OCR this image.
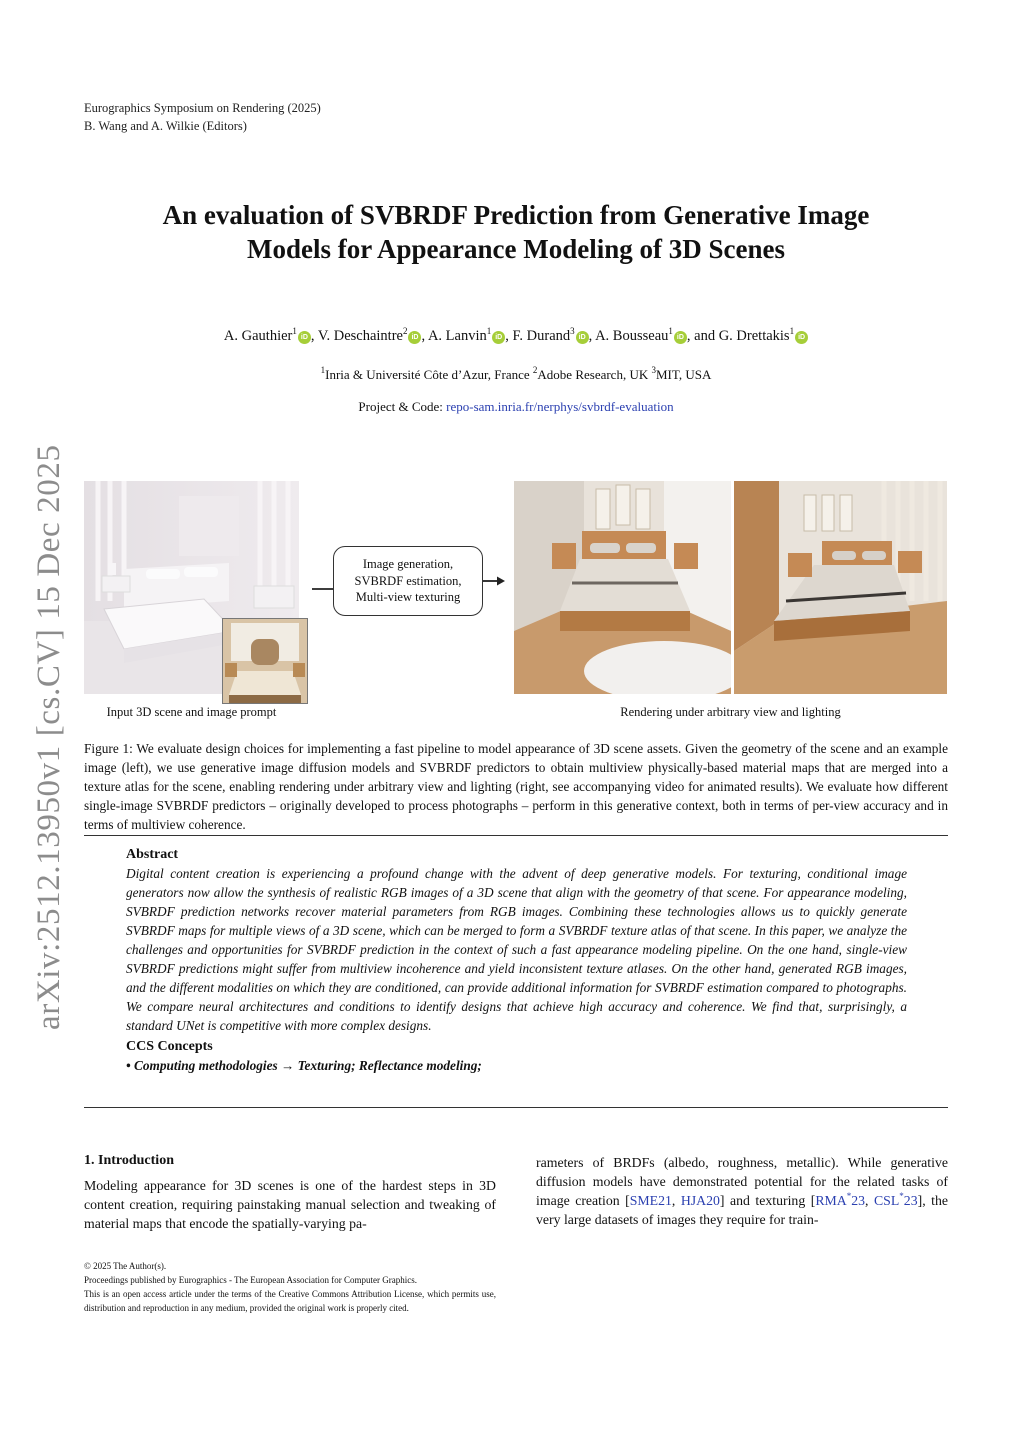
Eurographics Symposium on Rendering (2025)
B. Wang and A. Wilkie (Editors)
An evaluation of SVBRDF Prediction from Generative Image
Models for Appearance Modeling of 3D Scenes
A. Gauthier$^1$iD , V. Deschaintre$^2$iD , A. Lanvin$^1$iD , F. Durand$^3$iD , A. Bousseau$^1$iD , and G. Drettakis$^1$iD
$^1$Inria & Université Côte d’Azur, France $^2$Adobe Research, UK $^3$MIT, USA
Project & Code: repo-sam.inria.fr/nerphys/svbrdf-evaluation
arXiv:2512.13950v1 [cs.CV] 15 Dec 2025	Image generation,
SVBRDF estimation,
Multi-view texturing
Input 3D scene and image prompt	Rendering under arbitrary view and lighting
Figure 1: We evaluate design choices for implementing a fast pipeline to model appearance of 3D scene assets. Given the geometry of the scene and an example image (left), we use generative image diffusion models and SVBRDF predictors to obtain multiview physically-based material maps that are merged into a texture atlas for the scene, enabling rendering under arbitrary view and lighting (right, see accompanying video for animated results). We evaluate how different single-image SVBRDF predictors – originally developed to process photographs – perform in this generative context, both in terms of per-view accuracy and in terms of multiview coherence.
Abstract
Digital content creation is experiencing a profound change with the advent of deep generative models. For texturing, conditional image generators now allow the synthesis of realistic RGB images of a 3D scene that align with the geometry of that scene. For appearance modeling, SVBRDF prediction networks recover material parameters from RGB images. Combining these technologies allows us to quickly generate SVBRDF maps for multiple views of a 3D scene, which can be merged to form a SVBRDF texture atlas of that scene. In this paper, we analyze the challenges and opportunities for SVBRDF prediction in the context of such a fast appearance modeling pipeline. On the one hand, single-view SVBRDF predictions might suffer from multiview incoherence and yield inconsistent texture atlases. On the other hand, generated RGB images, and the different modalities on which they are conditioned, can provide additional information for SVBRDF estimation compared to photographs. We compare neural architectures and conditions to identify designs that achieve high accuracy and coherence. We find that, surprisingly, a standard UNet is competitive with more complex designs.
CCS Concepts
• Computing methodologies → Texturing; Reflectance modeling;
1. Introduction
Modeling appearance for 3D scenes is one of the hardest steps in 3D content creation, requiring painstaking manual selection and tweaking of material maps that encode the spatially-varying pa-
rameters of BRDFs (albedo, roughness, metallic). While generative diffusion models have demonstrated potential for the related tasks of image creation [SME21, HJA20] and texturing [RMA*23, CSL*23], the very large datasets of images they require for train-
© 2025 The Author(s).
Proceedings published by Eurographics - The European Association for Computer Graphics.
This is an open access article under the terms of the Creative Commons Attribution License, which permits use, distribution and reproduction in any medium, provided the original work is properly cited.
